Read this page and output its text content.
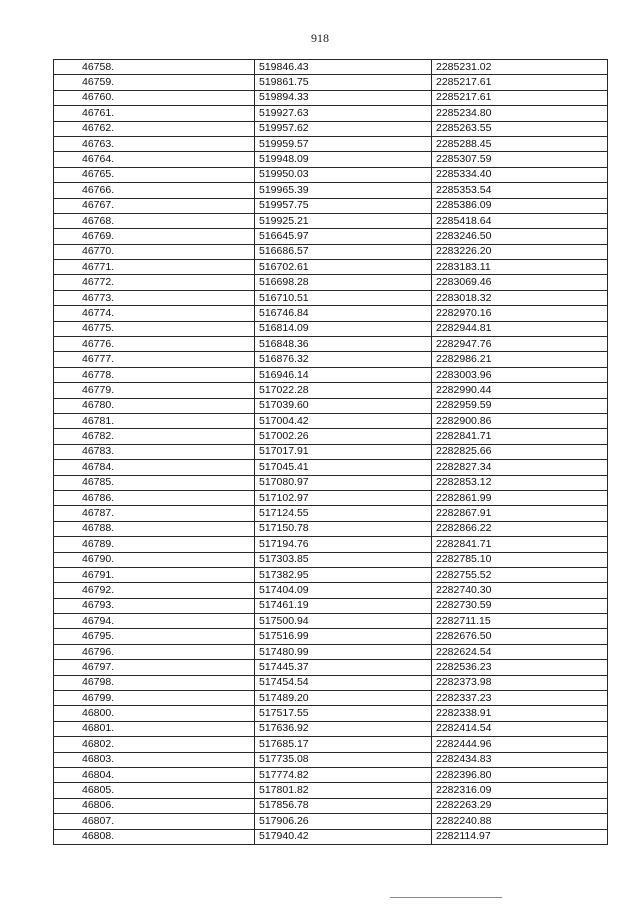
918
46758.	519846.43	2285231.02
46759.	519861.75	2285217.61
46760.	519894.33	2285217.61
46761.	519927.63	2285234.80
46762.	519957.62	2285263.55
46763.	519959.57	2285288.45
46764.	519948.09	2285307.59
46765.	519950.03	2285334.40
46766.	519965.39	2285353.54
46767.	519957.75	2285386.09
46768.	519925.21	2285418.64
46769.	516645.97	2283246.50
46770.	516686.57	2283226.20
46771.	516702.61	2283183.11
46772.	516698.28	2283069.46
46773.	516710.51	2283018.32
46774.	516746.84	2282970.16
46775.	516814.09	2282944.81
46776.	516848.36	2282947.76
46777.	516876.32	2282986.21
46778.	516946.14	2283003.96
46779.	517022.28	2282990.44
46780.	517039.60	2282959.59
46781.	517004.42	2282900.86
46782.	517002.26	2282841.71
46783.	517017.91	2282825.66
46784.	517045.41	2282827.34
46785.	517080.97	2282853.12
46786.	517102.97	2282861.99
46787.	517124.55	2282867.91
46788.	517150.78	2282866.22
46789.	517194.76	2282841.71
46790.	517303.85	2282785.10
46791.	517382.95	2282755.52
46792.	517404.09	2282740.30
46793.	517461.19	2282730.59
46794.	517500.94	2282711.15
46795.	517516.99	2282676.50
46796.	517480.99	2282624.54
46797.	517445.37	2282536.23
46798.	517454.54	2282373.98
46799.	517489.20	2282337.23
46800.	517517.55	2282338.91
46801.	517636.92	2282414.54
46802.	517685.17	2282444.96
46803.	517735.08	2282434.83
46804.	517774.82	2282396.80
46805.	517801.82	2282316.09
46806.	517856.78	2282263.29
46807.	517906.26	2282240.88
46808.	517940.42	2282114.97
